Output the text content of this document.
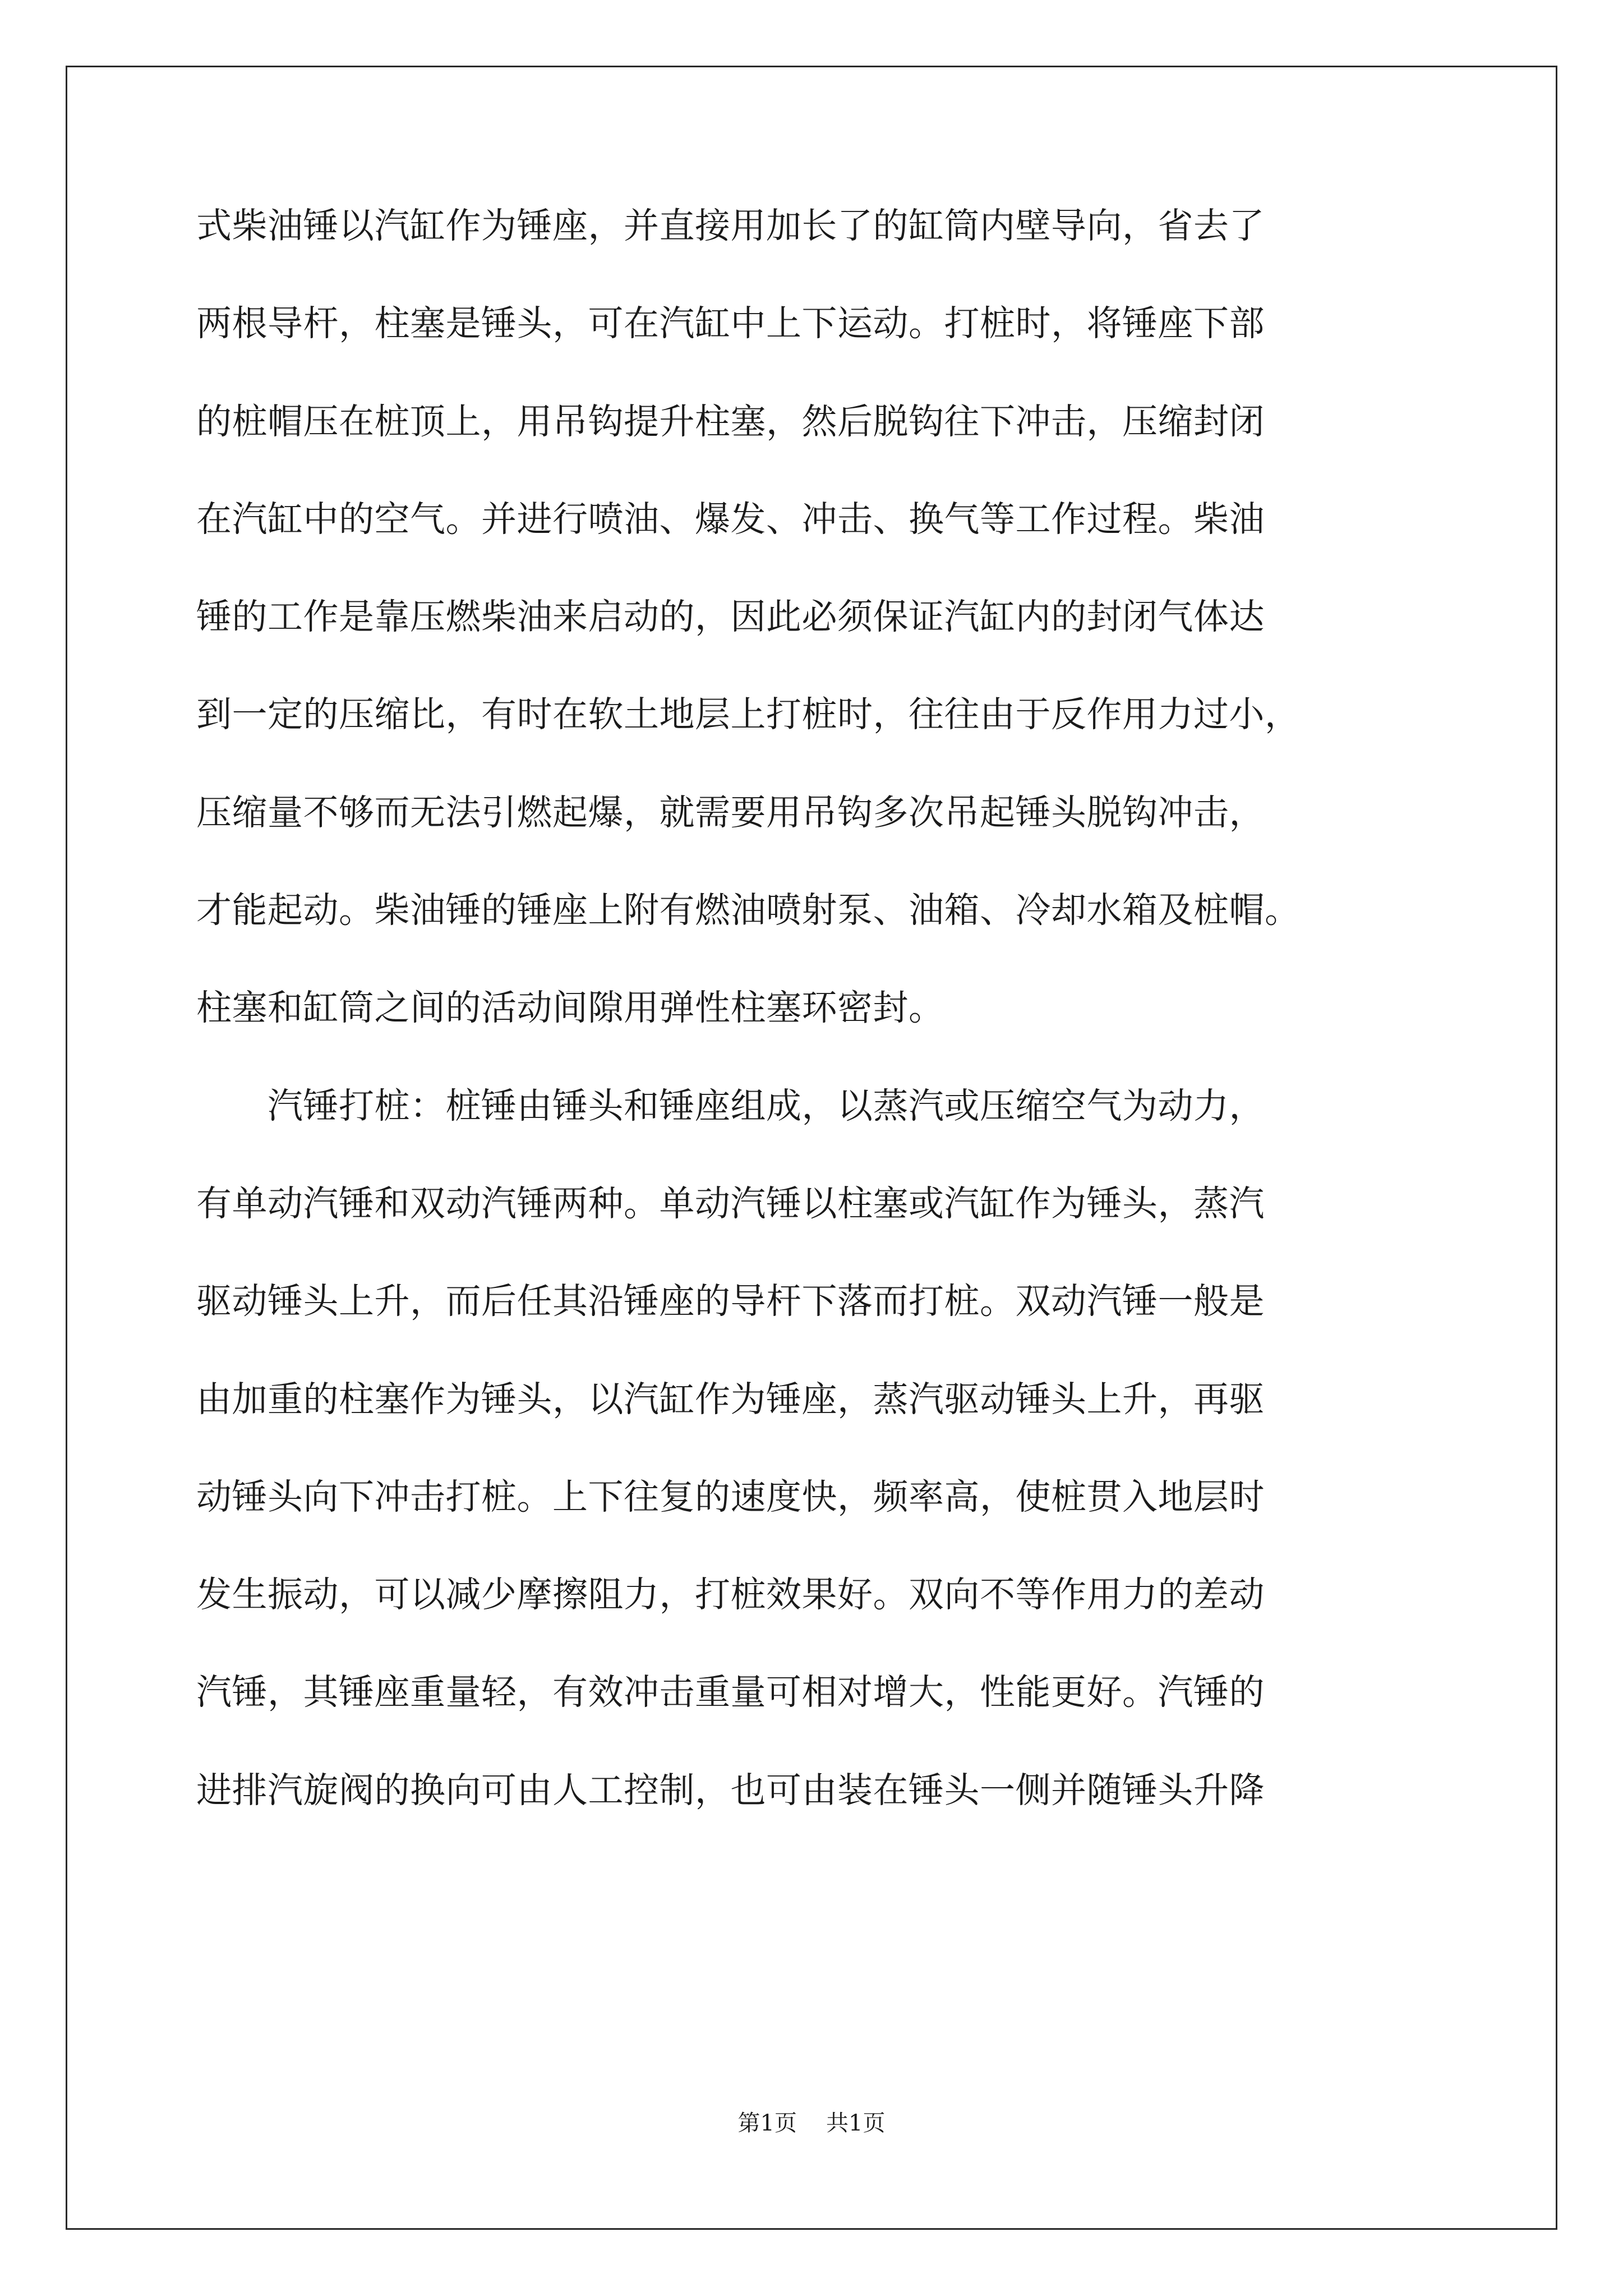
式柴油锤以汽缸作为锤座，并直接用加长了的缸筒内壁导向，省去了
两根导杆，柱塞是锤头，可在汽缸中上下运动。打桩时，将锤座下部
的桩帽压在桩顶上，用吊钩提升柱塞，然后脱钩往下冲击，压缩封闭
在汽缸中的空气。并进行喷油、爆发、冲击、换气等工作过程。柴油
锤的工作是靠压燃柴油来启动的，因此必须保证汽缸内的封闭气体达
到一定的压缩比，有时在软土地层上打桩时，往往由于反作用力过小，
压缩量不够而无法引燃起爆，就需要用吊钩多次吊起锤头脱钩冲击，
才能起动。柴油锤的锤座上附有燃油喷射泵、油箱、冷却水箱及桩帽。
柱塞和缸筒之间的活动间隙用弹性柱塞环密封。
　　汽锤打桩：桩锤由锤头和锤座组成，以蒸汽或压缩空气为动力，
有单动汽锤和双动汽锤两种。单动汽锤以柱塞或汽缸作为锤头，蒸汽
驱动锤头上升，而后任其沿锤座的导杆下落而打桩。双动汽锤一般是
由加重的柱塞作为锤头，以汽缸作为锤座，蒸汽驱动锤头上升，再驱
动锤头向下冲击打桩。上下往复的速度快，频率高，使桩贯入地层时
发生振动，可以减少摩擦阻力，打桩效果好。双向不等作用力的差动
汽锤，其锤座重量轻，有效冲击重量可相对增大，性能更好。汽锤的
进排汽旋阀的换向可由人工控制，也可由装在锤头一侧并随锤头升降
第1页 共1页
